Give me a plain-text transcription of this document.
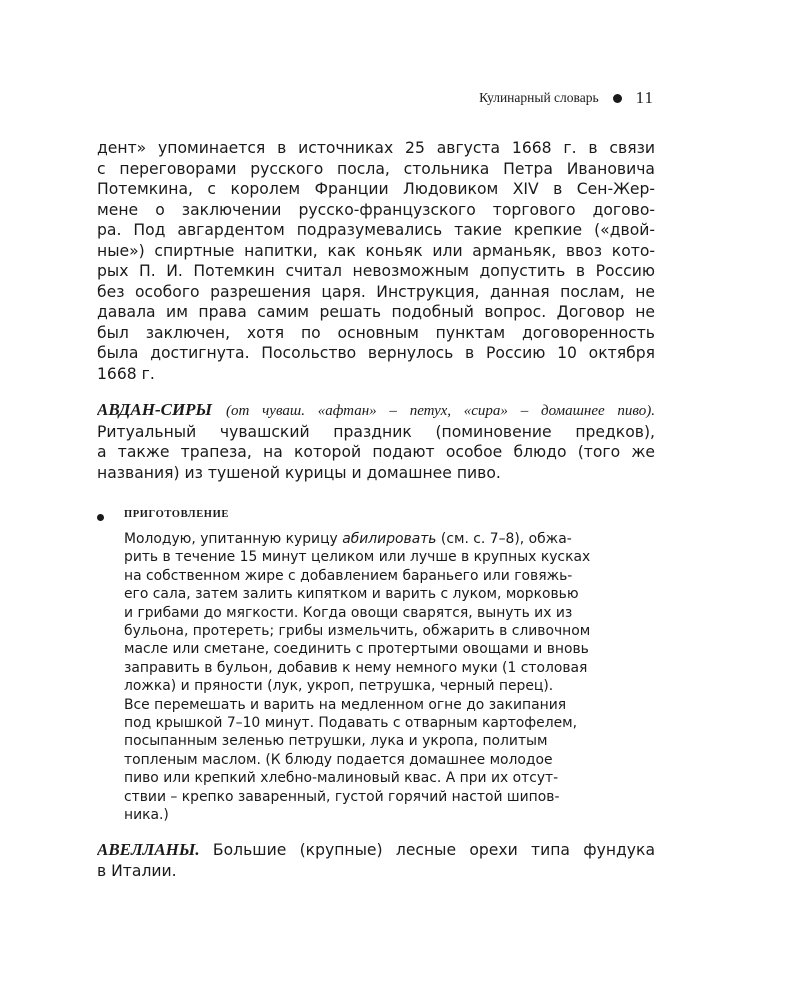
Кулинарный словарь 11
дент» упоминается в источниках 25 августа 1668 г. в связи
с переговорами русского посла, стольника Петра Ивановича
Потемкина, с королем Франции Людовиком XIV в Сен-Жер-
мене о заключении русско-французского торгового догово-
ра. Под авгардентом подразумевались такие крепкие («двой-
ные») спиртные напитки, как коньяк или арманьяк, ввоз кото-
рых П. И. Потемкин считал невозможным допустить в Россию
без особого разрешения царя. Инструкция, данная послам, не
давала им права самим решать подобный вопрос. Договор не
был заключен, хотя по основным пунктам договоренность
была достигнута. Посольство вернулось в Россию 10 октября
1668 г.
АВДАН-СИРЫ (от чуваш. «афтан» – петух, «сира» – домашнее пиво).
Ритуальный чувашский праздник (поминовение предков),
а также трапеза, на которой подают особое блюдо (того же
названия) из тушеной курицы и домашнее пиво.
ПРИГОТОВЛЕНИЕ
Молодую, упитанную курицу абилировать (см. с. 7–8), обжа-
рить в течение 15 минут целиком или лучше в крупных кусках
на собственном жире с добавлением бараньего или говяжь-
его сала, затем залить кипятком и варить с луком, морковью
и грибами до мягкости. Когда овощи сварятся, вынуть их из
бульона, протереть; грибы измельчить, обжарить в сливочном
масле или сметане, соединить с протертыми овощами и вновь
заправить в бульон, добавив к нему немного муки (1 столовая
ложка) и пряности (лук, укроп, петрушка, черный перец).
Все перемешать и варить на медленном огне до закипания
под крышкой 7–10 минут. Подавать с отварным картофелем,
посыпанным зеленью петрушки, лука и укропа, политым
топленым маслом. (К блюду подается домашнее молодое
пиво или крепкий хлебно-малиновый квас. А при их отсут-
ствии – крепко заваренный, густой горячий настой шипов-
ника.)
АВЕЛЛАНЫ. Большие (крупные) лесные орехи типа фундука
в Италии.
